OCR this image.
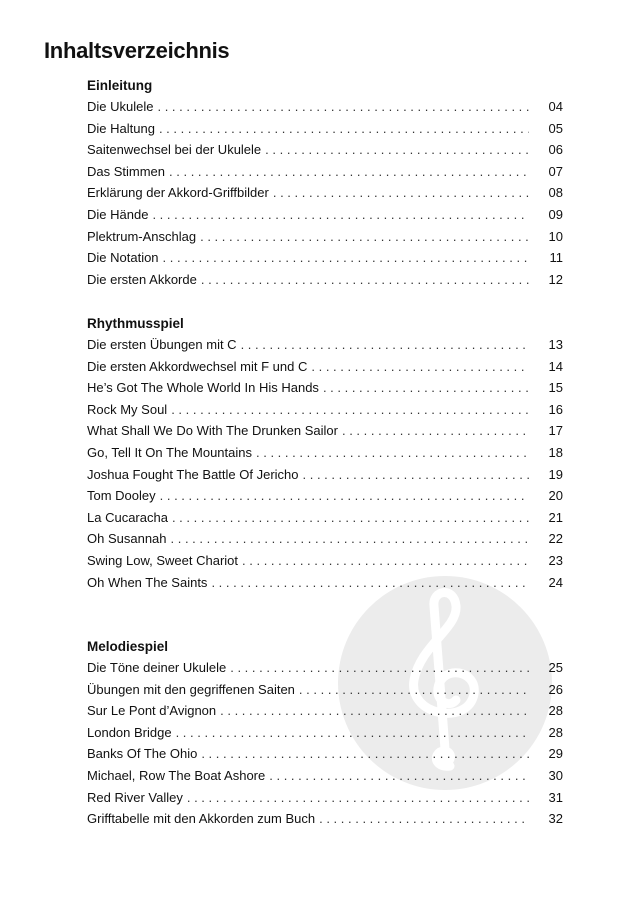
Inhaltsverzeichnis
Einleitung
Die Ukulele . . .	04
Die Haltung . . .	05
Saitenwechsel bei der Ukulele . . .	06
Das Stimmen . . .	07
Erklärung der Akkord-Griffbilder . . .	08
Die Hände . . .	09
Plektrum-Anschlag . . .	10
Die Notation . . .	11
Die ersten Akkorde . . .	12
Rhythmusspiel
Die ersten Übungen mit C . . .	13
Die ersten Akkordwechsel mit F und C . . .	14
He’s Got The Whole World In His Hands . . .	15
Rock My Soul . . .	16
What Shall We Do With The Drunken Sailor . . .	17
Go, Tell It On The Mountains . . .	18
Joshua Fought The Battle Of Jericho . . .	19
Tom Dooley . . .	20
La Cucaracha . . .	21
Oh Susannah . . .	22
Swing Low, Sweet Chariot . . .	23
Oh When The Saints . . .	24
Melodiespiel
Die Töne deiner Ukulele . . .	25
Übungen mit den gegriffenen Saiten . . .	26
Sur Le Pont d’Avignon . . .	28
London Bridge . . .	28
Banks Of The Ohio . . .	29
Michael, Row The Boat Ashore . . .	30
Red River Valley . . .	31
Grifftabelle mit den Akkorden zum Buch . . .	32
